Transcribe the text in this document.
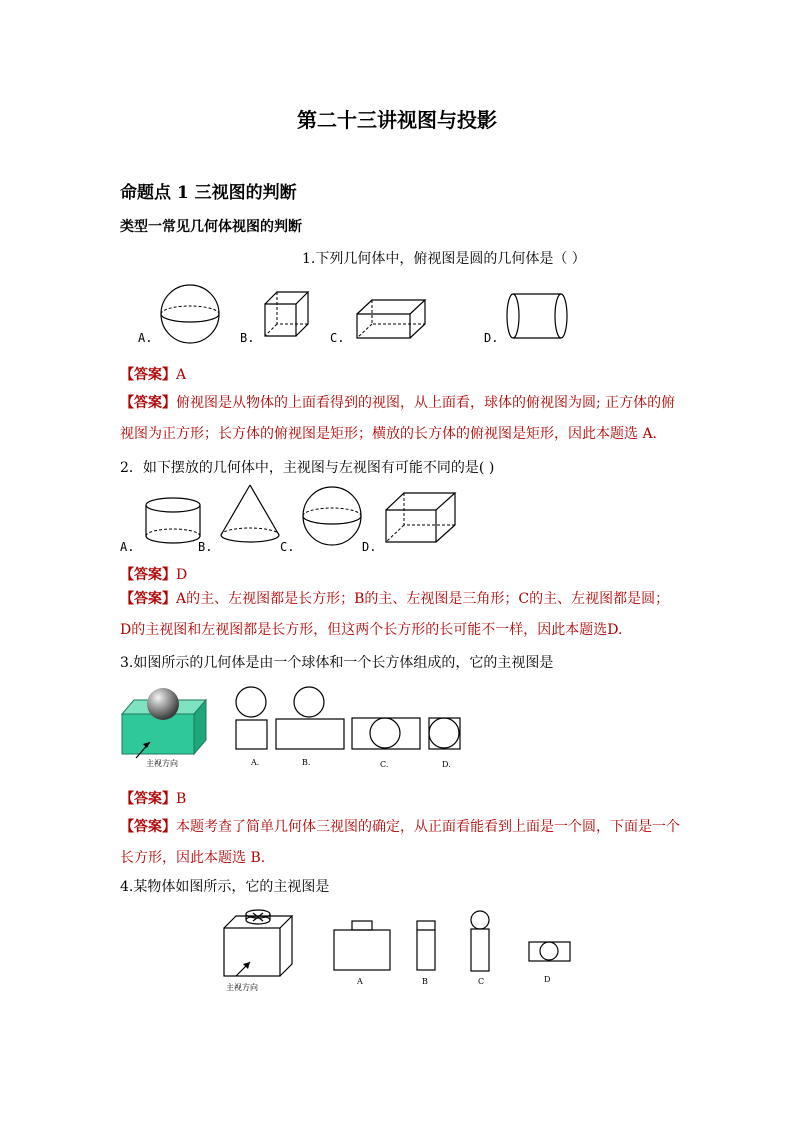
第二十三讲视图与投影
命题点 1 三视图的判断
类型一常见几何体视图的判断
1.下列几何体中，俯视图是圆的几何体是（ ）
A.	B.	C.	D.
【答案】A
【答案】俯视图是从物体的上面看得到的视图，从上面看，球体的俯视图为圆; 正方体的俯视图为正方形；长方体的俯视图是矩形；横放的长方体的俯视图是矩形，因此本题选 A.
2．如下摆放的几何体中，主视图与左视图有可能不同的是( )
A.	B.	C.	D.
【答案】D
【答案】A的主、左视图都是长方形；B的主、左视图是三角形；C的主、左视图都是圆；D的主视图和左视图都是长方形，但这两个长方形的长可能不一样，因此本题选D.
3.如图所示的几何体是由一个球体和一个长方体组成的，它的主视图是
主视方向	A.	B.	C.	D.
【答案】B
【答案】本题考查了简单几何体三视图的确定，从正面看能看到上面是一个圆，下面是一个长方形，因此本题选 B.
4.某物体如图所示，它的主视图是
主视方向
A	B	C	D
